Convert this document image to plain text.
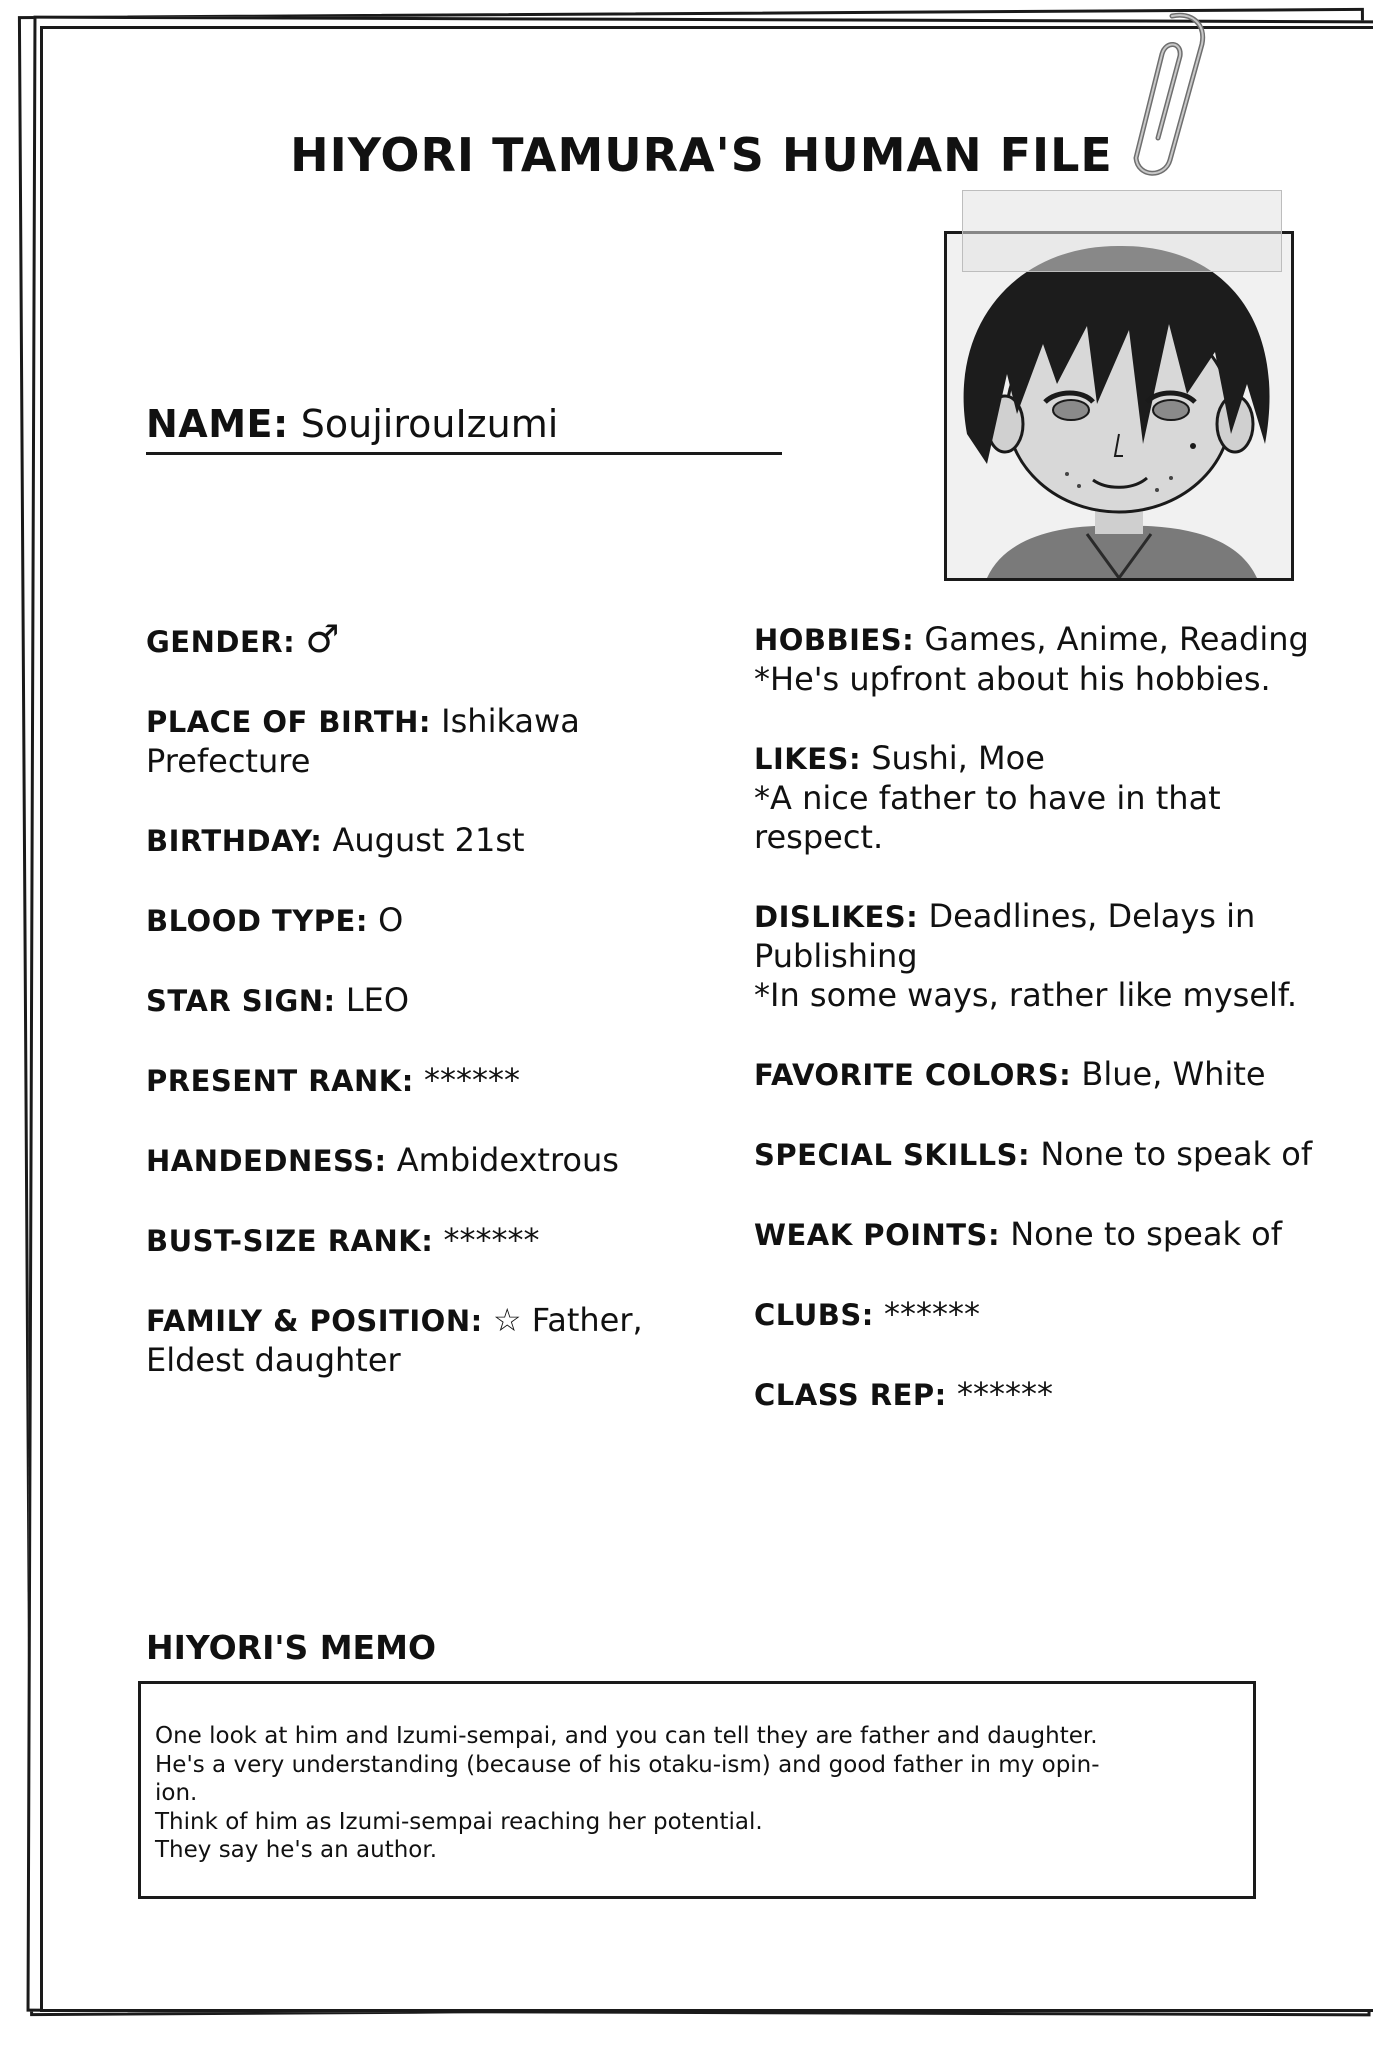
HIYORI TAMURA'S HUMAN FILE
NAME: SoujirouIzumi

GENDER: ♂

PLACE OF BIRTH: Ishikawa Prefecture

BIRTHDAY: August 21st

BLOOD TYPE: O

STAR SIGN: LEO

PRESENT RANK: ******

HANDEDNESS: Ambidextrous

BUST-SIZE RANK: ******

FAMILY & POSITION: ☆ Father, Eldest daughter

HOBBIES: Games, Anime, Reading
*He's upfront about his hobbies.

LIKES: Sushi, Moe
*A nice father to have in that respect.

DISLIKES: Deadlines, Delays in Publishing
*In some ways, rather like myself.

FAVORITE COLORS: Blue, White

SPECIAL SKILLS: None to speak of

WEAK POINTS: None to speak of

CLUBS: ******

CLASS REP: ******

HIYORI'S MEMO
One look at him and Izumi-sempai, and you can tell they are father and daughter.
He's a very understanding (because of his otaku-ism) and good father in my opin-
ion.
Think of him as Izumi-sempai reaching her potential.
They say he's an author.
